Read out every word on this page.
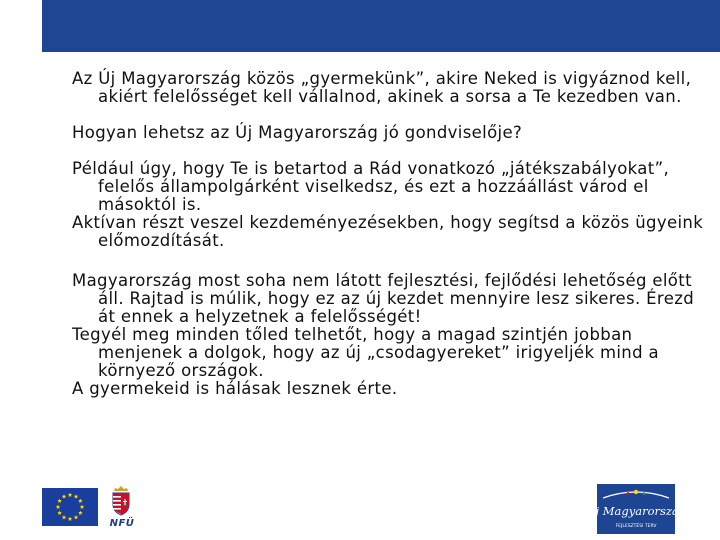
Az Új Magyarország közös „gyermekünk”, akire Neked is vigyáznod kell, akiért felelősséget kell vállalnod, akinek a sorsa a Te kezedben van.

Hogyan lehetsz az Új Magyarország jó gondviselője?

Például úgy, hogy Te is betartod a Rád vonatkozó „játékszabályokat”, felelős állampolgárként viselkedsz, és ezt a hozzáállást várod el másoktól is.

Aktívan részt veszel kezdeményezésekben, hogy segítsd a közös ügyeink előmozdítását.

Magyarország most soha nem látott fejlesztési, fejlődési lehetőség előtt áll. Rajtad is múlik, hogy ez az új kezdet mennyire lesz sikeres. Érezd át ennek a helyzetnek a felelősségét!

Tegyél meg minden tőled telhetőt, hogy a magad szintjén jobban menjenek a dolgok, hogy az új „csodagyereket” irigyeljék mind a környező országok.

A gyermekeid is hálásak lesznek érte.

NFÜ
Új Magyarország
FEJLESZTÉSI TERV
